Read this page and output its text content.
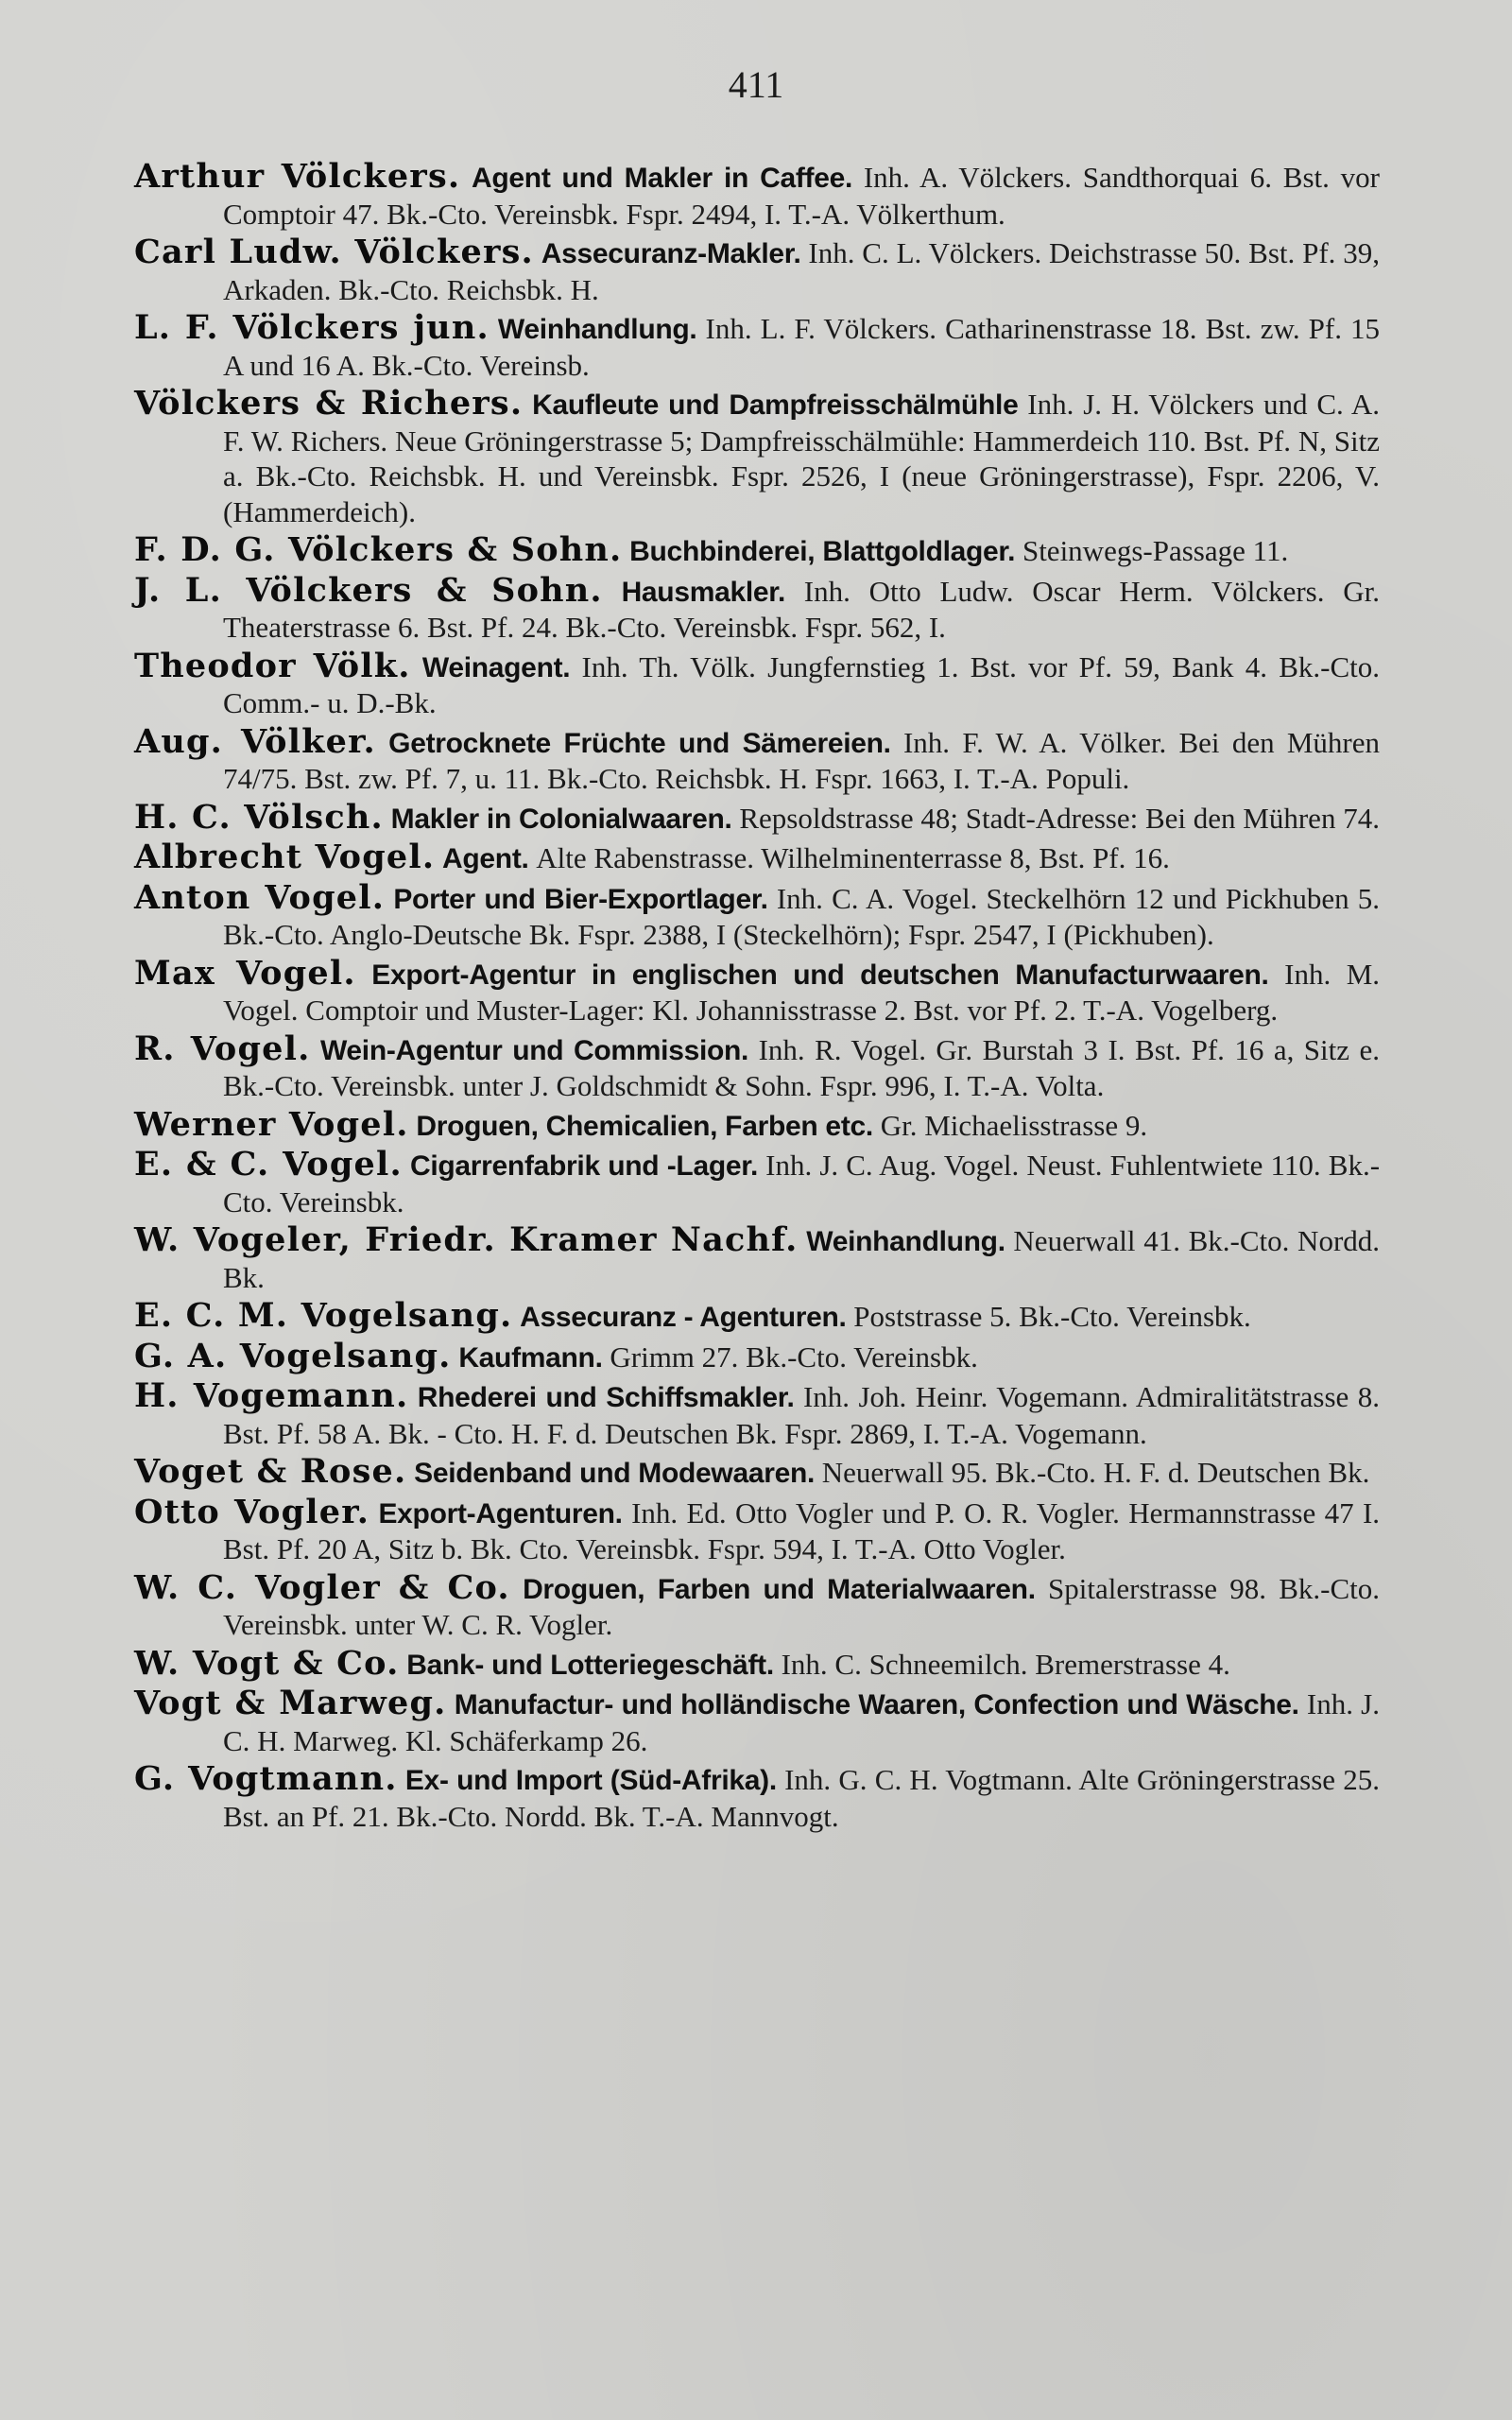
411

Arthur Völckers. Agent und Makler in Caffee. Inh. A. Völckers. Sandthorquai 6. Bst. vor Comptoir 47. Bk.-Cto. Vereinsbk. Fspr. 2494, I. T.-A. Völkerthum.

Carl Ludw. Völckers. Assecuranz-Makler. Inh. C. L. Völckers. Deichstrasse 50. Bst. Pf. 39, Arkaden. Bk.-Cto. Reichsbk. H.

L. F. Völckers jun. Weinhandlung. Inh. L. F. Völckers. Catharinenstrasse 18. Bst. zw. Pf. 15 A und 16 A. Bk.-Cto. Vereinsb.

Völckers & Richers. Kaufleute und Dampfreisschälmühle Inh. J. H. Völckers und C. A. F. W. Richers. Neue Gröningerstrasse 5; Dampfreisschälmühle: Hammerdeich 110. Bst. Pf. N, Sitz a. Bk.-Cto. Reichsbk. H. und Vereinsbk. Fspr. 2526, I (neue Gröningerstrasse), Fspr. 2206, V. (Hammerdeich).

F. D. G. Völckers & Sohn. Buchbinderei, Blattgoldlager. Steinwegs-Passage 11.

J. L. Völckers & Sohn. Hausmakler. Inh. Otto Ludw. Oscar Herm. Völckers. Gr. Theaterstrasse 6. Bst. Pf. 24. Bk.-Cto. Vereinsbk. Fspr. 562, I.

Theodor Völk. Weinagent. Inh. Th. Völk. Jungfernstieg 1. Bst. vor Pf. 59, Bank 4. Bk.-Cto. Comm.- u. D.-Bk.

Aug. Völker. Getrocknete Früchte und Sämereien. Inh. F. W. A. Völker. Bei den Mühren 74/75. Bst. zw. Pf. 7, u. 11. Bk.-Cto. Reichsbk. H. Fspr. 1663, I. T.-A. Populi.

H. C. Völsch. Makler in Colonialwaaren. Repsoldstrasse 48; Stadt-Adresse: Bei den Mühren 74.

Albrecht Vogel. Agent. Alte Rabenstrasse. Wilhelminenterrasse 8, Bst. Pf. 16.

Anton Vogel. Porter und Bier-Exportlager. Inh. C. A. Vogel. Steckelhörn 12 und Pickhuben 5. Bk.-Cto. Anglo-Deutsche Bk. Fspr. 2388, I (Steckelhörn); Fspr. 2547, I (Pickhuben).

Max Vogel. Export-Agentur in englischen und deutschen Manufacturwaaren. Inh. M. Vogel. Comptoir und Muster-Lager: Kl. Johannisstrasse 2. Bst. vor Pf. 2. T.-A. Vogelberg.

R. Vogel. Wein-Agentur und Commission. Inh. R. Vogel. Gr. Burstah 3 I. Bst. Pf. 16 a, Sitz e. Bk.-Cto. Vereinsbk. unter J. Goldschmidt & Sohn. Fspr. 996, I. T.-A. Volta.

Werner Vogel. Droguen, Chemicalien, Farben etc. Gr. Michaelisstrasse 9.

E. & C. Vogel. Cigarrenfabrik und -Lager. Inh. J. C. Aug. Vogel. Neust. Fuhlentwiete 110. Bk.-Cto. Vereinsbk.

W. Vogeler, Friedr. Kramer Nachf. Weinhandlung. Neuerwall 41. Bk.-Cto. Nordd. Bk.

E. C. M. Vogelsang. Assecuranz - Agenturen. Poststrasse 5. Bk.-Cto. Vereinsbk.

G. A. Vogelsang. Kaufmann. Grimm 27. Bk.-Cto. Vereinsbk.

H. Vogemann. Rhederei und Schiffsmakler. Inh. Joh. Heinr. Vogemann. Admiralitätstrasse 8. Bst. Pf. 58 A. Bk. - Cto. H. F. d. Deutschen Bk. Fspr. 2869, I. T.-A. Vogemann.

Voget & Rose. Seidenband und Modewaaren. Neuerwall 95. Bk.-Cto. H. F. d. Deutschen Bk.

Otto Vogler. Export-Agenturen. Inh. Ed. Otto Vogler und P. O. R. Vogler. Hermannstrasse 47 I. Bst. Pf. 20 A, Sitz b. Bk. Cto. Vereinsbk. Fspr. 594, I. T.-A. Otto Vogler.

W. C. Vogler & Co. Droguen, Farben und Materialwaaren. Spitalerstrasse 98. Bk.-Cto. Vereinsbk. unter W. C. R. Vogler.

W. Vogt & Co. Bank- und Lotteriegeschäft. Inh. C. Schneemilch. Bremerstrasse 4.

Vogt & Marweg. Manufactur- und holländische Waaren, Confection und Wäsche. Inh. J. C. H. Marweg. Kl. Schäferkamp 26.

G. Vogtmann. Ex- und Import (Süd-Afrika). Inh. G. C. H. Vogtmann. Alte Gröningerstrasse 25. Bst. an Pf. 21. Bk.-Cto. Nordd. Bk. T.-A. Mannvogt.
